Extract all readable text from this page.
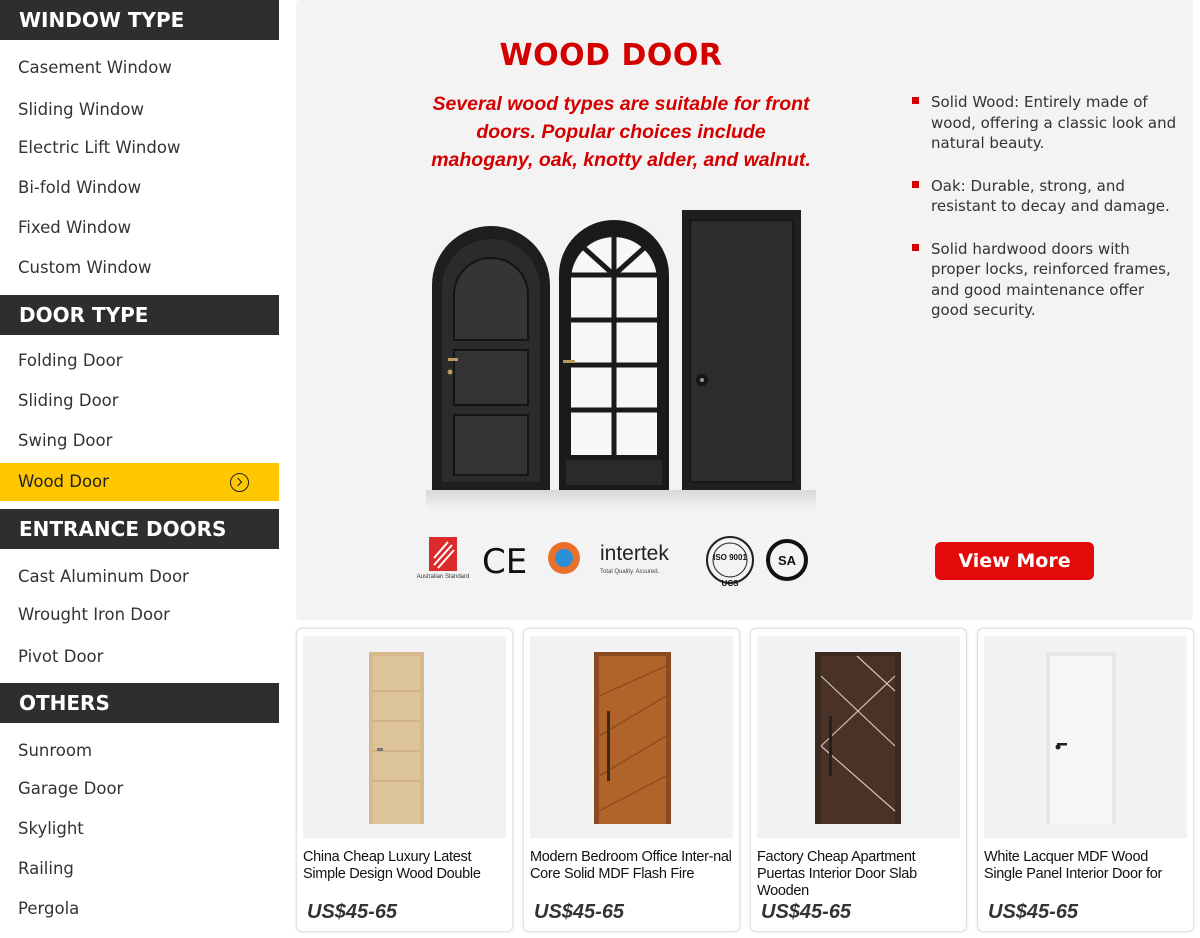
WINDOW TYPE
Casement Window
Sliding Window
Electric Lift Window
Bi-fold Window
Fixed Window
Custom Window
DOOR TYPE
Folding Door
Sliding Door
Swing Door
Wood Door
ENTRANCE DOORS
Cast Aluminum Door
Wrought Iron Door
Pivot Door
OTHERS
Sunroom
Garage Door
Skylight
Railing
Pergola
WOOD DOOR
Several wood types are suitable for front
doors. Popular choices include
mahogany, oak, knotty alder, and walnut.
Solid Wood: Entirely made of wood, offering a classic look and natural beauty.
Oak: Durable, strong, and resistant to decay and damage.
Solid hardwood doors with proper locks, reinforced frames, and good maintenance offer good security.
Australian Standard CE	intertek
Total Quality. Assured.
ISO 9001
UCS
SA	View More
China Cheap Luxury Latest Simple Design Wood Double
US$45-65
Modern Bedroom Office Inter-nal Core Solid MDF Flash Fire
US$45-65
Factory Cheap Apartment Puertas Interior Door Slab Wooden
US$45-65
White Lacquer MDF Wood Single Panel Interior Door for
US$45-65
